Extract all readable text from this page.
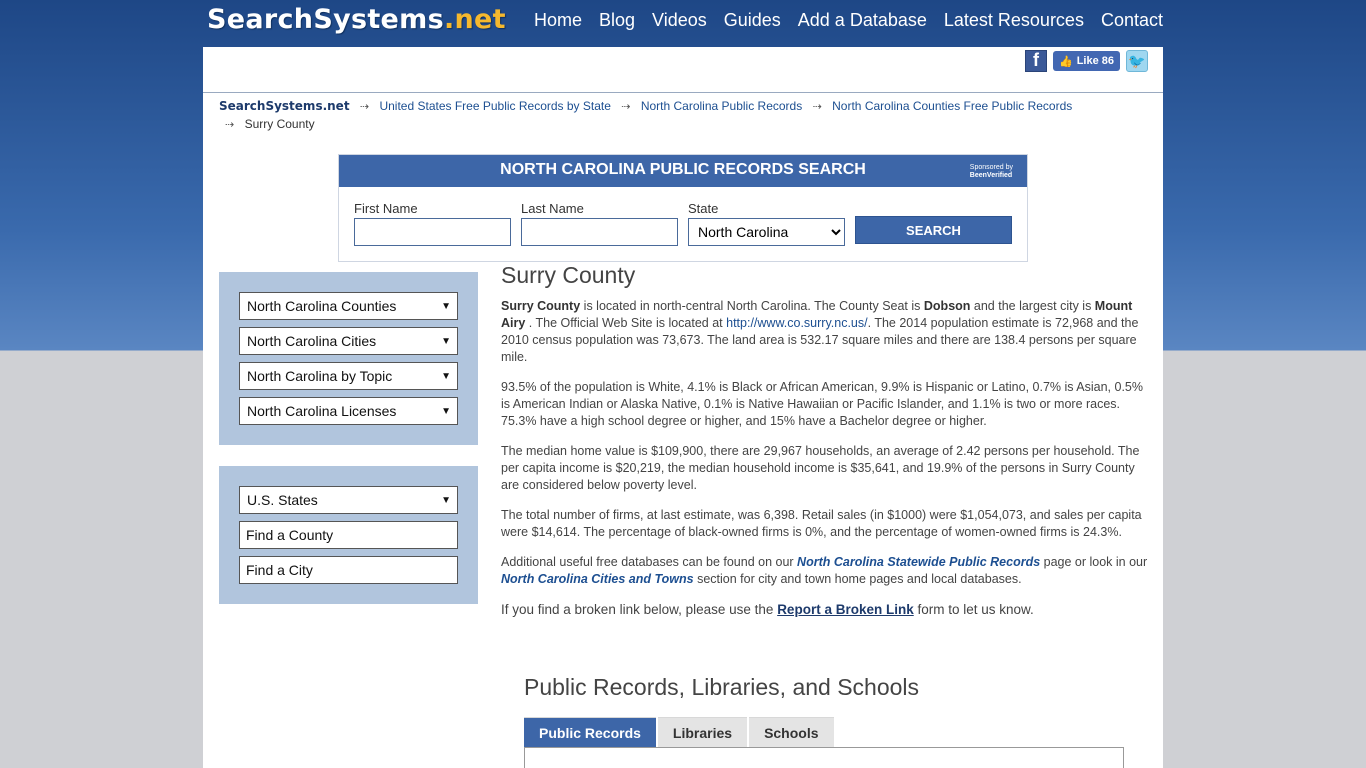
SearchSystems.net Home Blog Videos Guides Add a Database Latest Resources Contact
f	👍 Like 86 🐦
SearchSystems.net ⇢ United States Free Public Records by State ⇢ North Carolina Public Records ⇢ North Carolina Counties Free Public Records
⇢ Surry County
NORTH CAROLINA PUBLIC RECORDS SEARCH	Sponsored by
BeenVerified
First Name	Last Name	State
North Carolina
SEARCH
North Carolina Counties	▼
North Carolina Cities	▼
North Carolina by Topic	▼
North Carolina Licenses	▼
U.S. States	▼
Find a County
Find a City
Surry County

Surry County is located in north-central North Carolina. The County Seat is Dobson and the largest city is Mount Airy . The Official Web Site is located at http://www.co.surry.nc.us/. The 2014 population estimate is 72,968 and the 2010 census population was 73,673. The land area is 532.17 square miles and there are 138.4 persons per square mile.

93.5% of the population is White, 4.1% is Black or African American, 9.9% is Hispanic or Latino, 0.7% is Asian, 0.5% is American Indian or Alaska Native, 0.1% is Native Hawaiian or Pacific Islander, and 1.1% is two or more races. 75.3% have a high school degree or higher, and 15% have a Bachelor degree or higher.

The median home value is $109,900, there are 29,967 households, an average of 2.42 persons per household. The per capita income is $20,219, the median household income is $35,641, and 19.9% of the persons in Surry County are considered below poverty level.

The total number of firms, at last estimate, was 6,398. Retail sales (in $1000) were $1,054,073, and sales per capita were $14,614. The percentage of black-owned firms is 0%, and the percentage of women-owned firms is 24.3%.

Additional useful free databases can be found on our North Carolina Statewide Public Records page or look in our North Carolina Cities and Towns section for city and town home pages and local databases.

If you find a broken link below, please use the Report a Broken Link form to let us know.

Public Records, Libraries, and Schools
Public Records	Libraries	Schools
